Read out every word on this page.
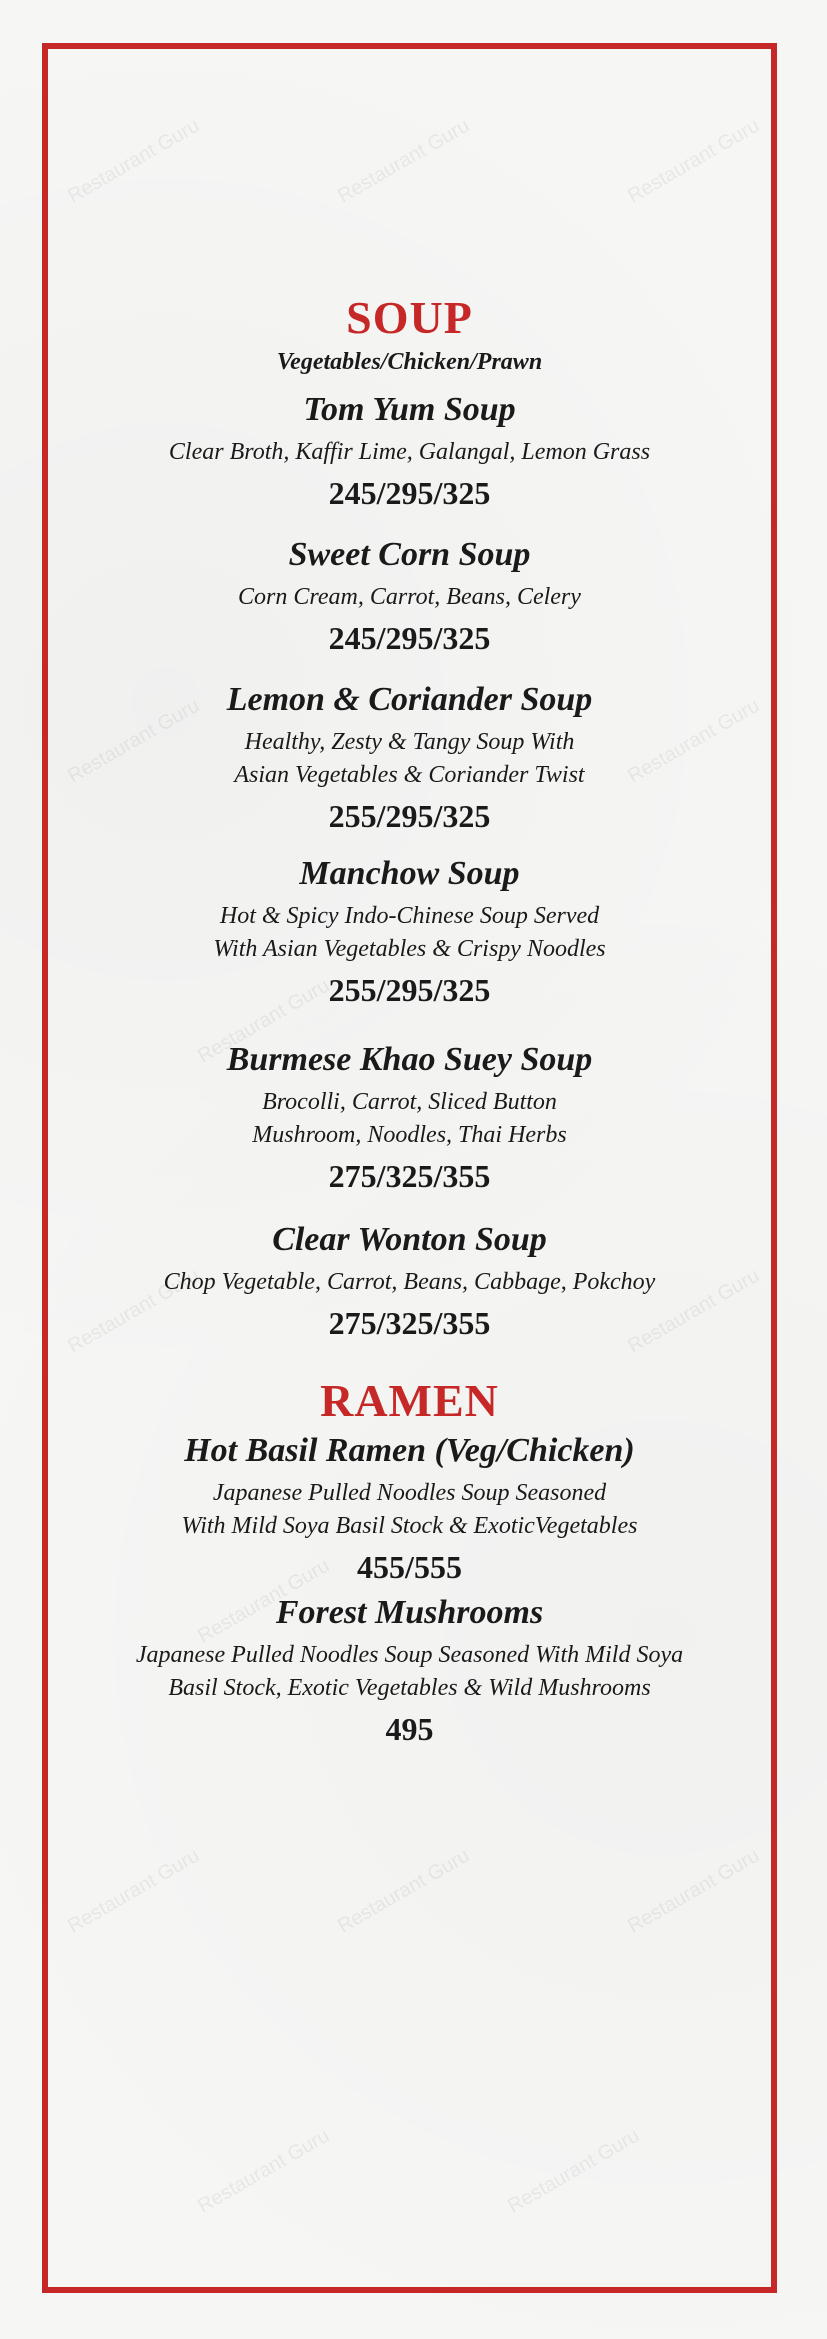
Restaurant Guru	Restaurant Guru	Restaurant Guru
Restaurant Guru	Restaurant Guru
Restaurant Guru
Restaurant Guru	Restaurant Guru
Restaurant Guru
Restaurant Guru	Restaurant Guru	Restaurant Guru
Restaurant Guru	Restaurant Guru
SOUP
Vegetables/Chicken/Prawn
Tom Yum Soup
Clear Broth, Kaffir Lime, Galangal, Lemon Grass
245/295/325
Sweet Corn Soup
Corn Cream, Carrot, Beans, Celery
245/295/325
Lemon & Coriander Soup
Healthy, Zesty & Tangy Soup With
Asian Vegetables & Coriander Twist
255/295/325
Manchow Soup
Hot & Spicy Indo-Chinese Soup Served
With Asian Vegetables & Crispy Noodles
255/295/325
Burmese Khao Suey Soup
Brocolli, Carrot, Sliced Button
Mushroom, Noodles, Thai Herbs
275/325/355
Clear Wonton Soup
Chop Vegetable, Carrot, Beans, Cabbage, Pokchoy
275/325/355
RAMEN
Hot Basil Ramen (Veg/Chicken)
Japanese Pulled Noodles Soup Seasoned
With Mild Soya Basil Stock & ExoticVegetables
455/555
Forest Mushrooms
Japanese Pulled Noodles Soup Seasoned With Mild Soya
Basil Stock, Exotic Vegetables & Wild Mushrooms
495
